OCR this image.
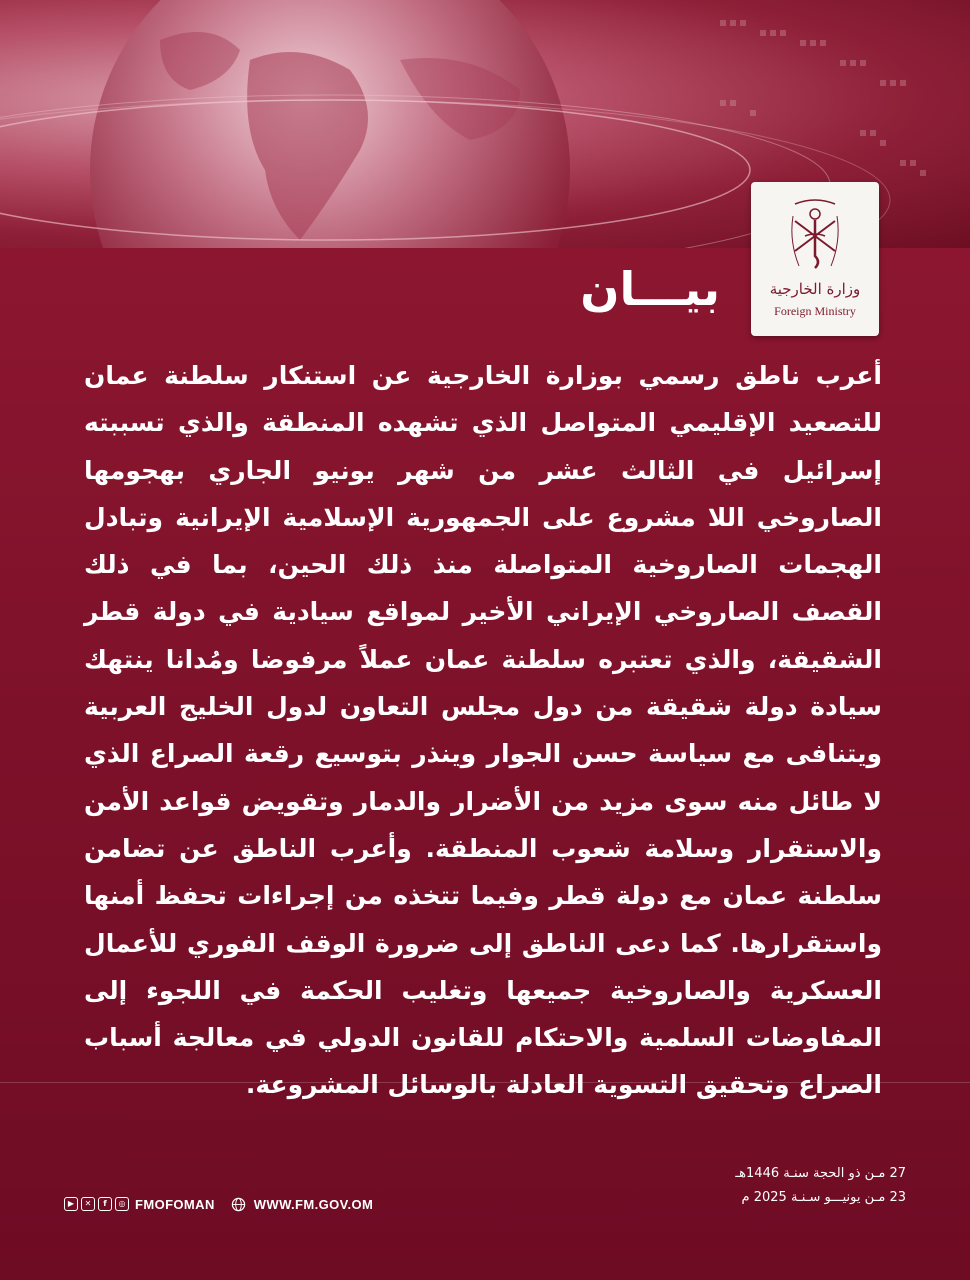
وزارة الخارجية
Foreign Ministry
بيـــان
أعرب ناطق رسمي بوزارة الخارجية عن استنكار سلطنة عمان للتصعيد الإقليمي المتواصل الذي تشهده المنطقة والذي تسببته إسرائيل في الثالث عشر من شهر يونيو الجاري بهجومها الصاروخي اللا مشروع على الجمهورية الإسلامية الإيرانية وتبادل الهجمات الصاروخية المتواصلة منذ ذلك الحين، بما في ذلك القصف الصاروخي الإيراني الأخير لمواقع سيادية في دولة قطر الشقيقة، والذي تعتبره سلطنة عمان عملاً مرفوضا ومُدانا ينتهك سيادة دولة شقيقة من دول مجلس التعاون لدول الخليج العربية ويتنافى مع سياسة حسن الجوار وينذر بتوسيع رقعة الصراع الذي لا طائل منه سوى مزيد من الأضرار والدمار وتقويض قواعد الأمن والاستقرار وسلامة شعوب المنطقة. وأعرب الناطق عن تضامن سلطنة عمان مع دولة قطر وفيما تتخذه من إجراءات تحفظ أمنها واستقرارها. كما دعى الناطق إلى ضرورة الوقف الفوري للأعمال العسكرية والصاروخية جميعها وتغليب الحكمة في اللجوء إلى المفاوضات السلمية والاحتكام للقانون الدولي في معالجة أسباب الصراع وتحقيق التسوية العادلة بالوسائل المشروعة.
27 مـن ذو الحجة سنـة 1446هـ
23 مـن يونيـــو سـنـة 2025 م
▶	✕	f	◎ FMOFOMAN	WWW.FM.GOV.OM
